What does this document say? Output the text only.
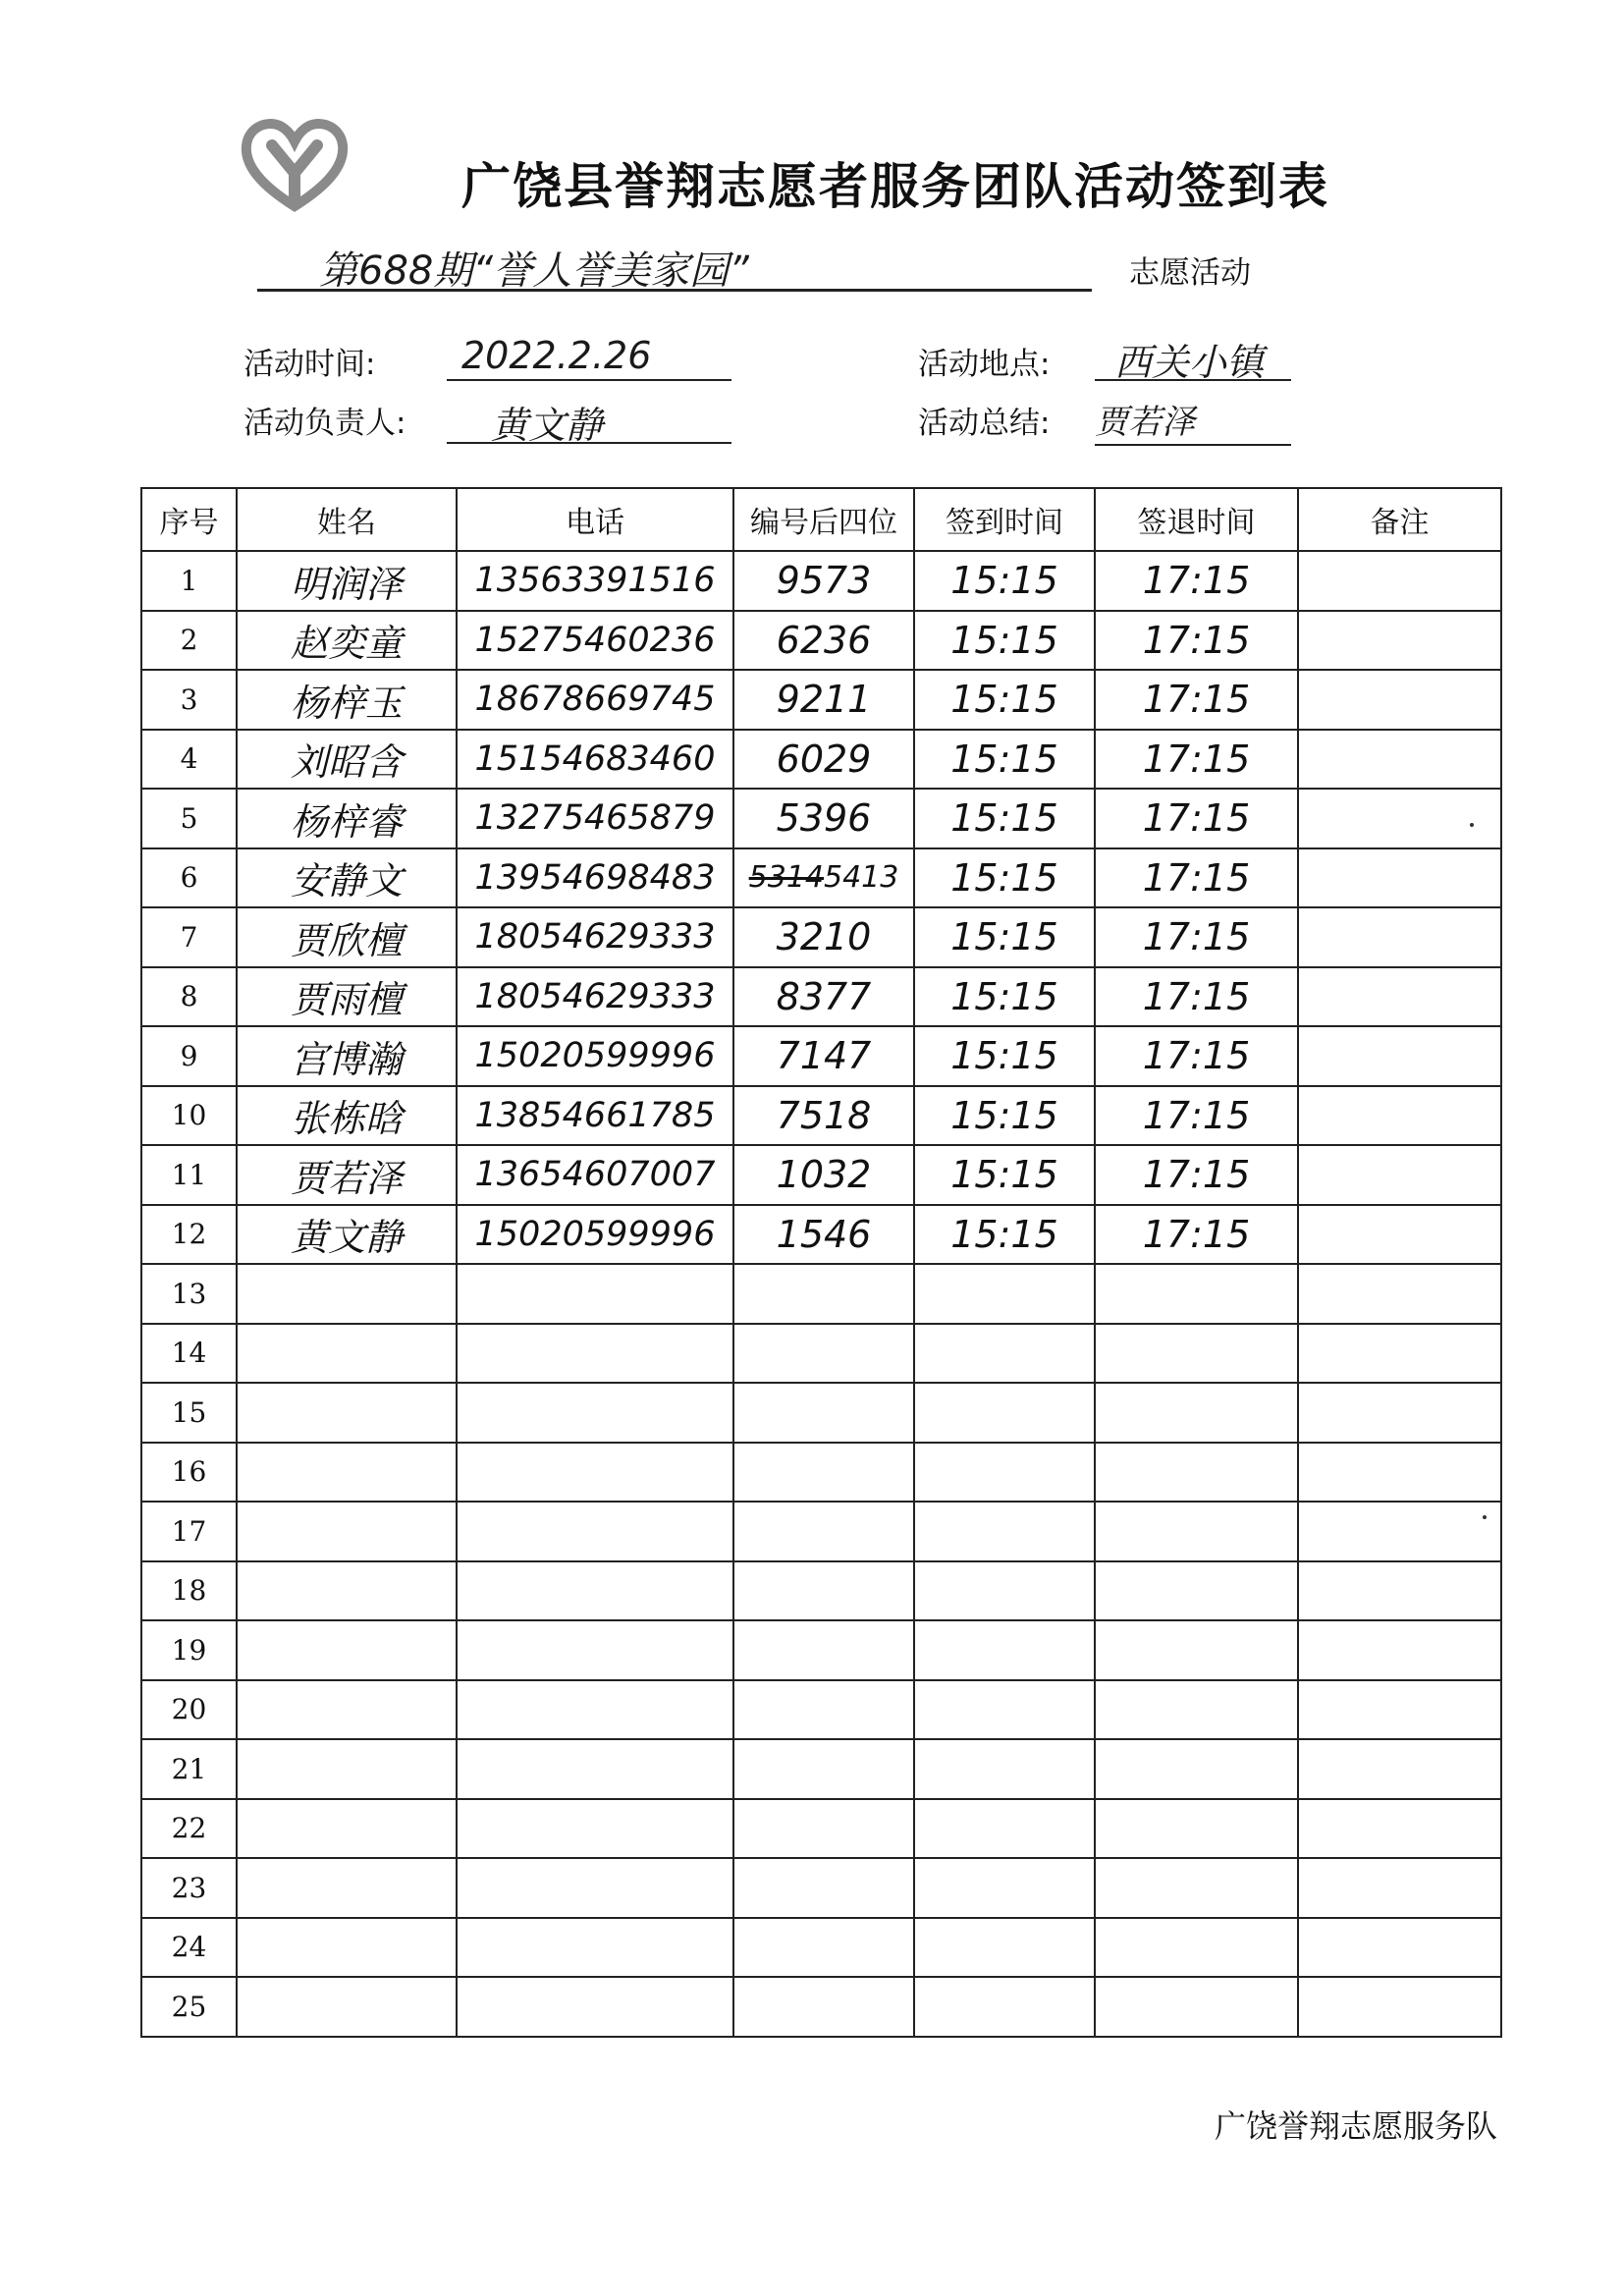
广饶县誉翔志愿者服务团队活动签到表
第688期“誉人誉美家园”	志愿活动
活动时间: 2022.2.26	活动地点: 西关小镇
活动负责人: 黄文静	活动总结: 贾若泽
序号	姓名	电话	编号后四位	签到时间	签退时间	备注
1	明润泽	13563391516	9573	15:15	17:15	
2	赵奕童	15275460236	6236	15:15	17:15	
3	杨梓玉	18678669745	9211	15:15	17:15	
4	刘昭含	15154683460	6029	15:15	17:15	
5	杨梓睿	13275465879	5396	15:15	17:15	
6	安静文	13954698483	53145413	15:15	17:15	
7	贾欣檀	18054629333	3210	15:15	17:15	
8	贾雨檀	18054629333	8377	15:15	17:15	
9	宫博瀚	15020599996	7147	15:15	17:15	
10	张栋晗	13854661785	7518	15:15	17:15	
11	贾若泽	13654607007	1032	15:15	17:15	
12	黄文静	15020599996	1546	15:15	17:15	
13						
14						
15						
16						
17						
18						
19						
20						
21						
22						
23						
24						
25						
广饶誉翔志愿服务队
